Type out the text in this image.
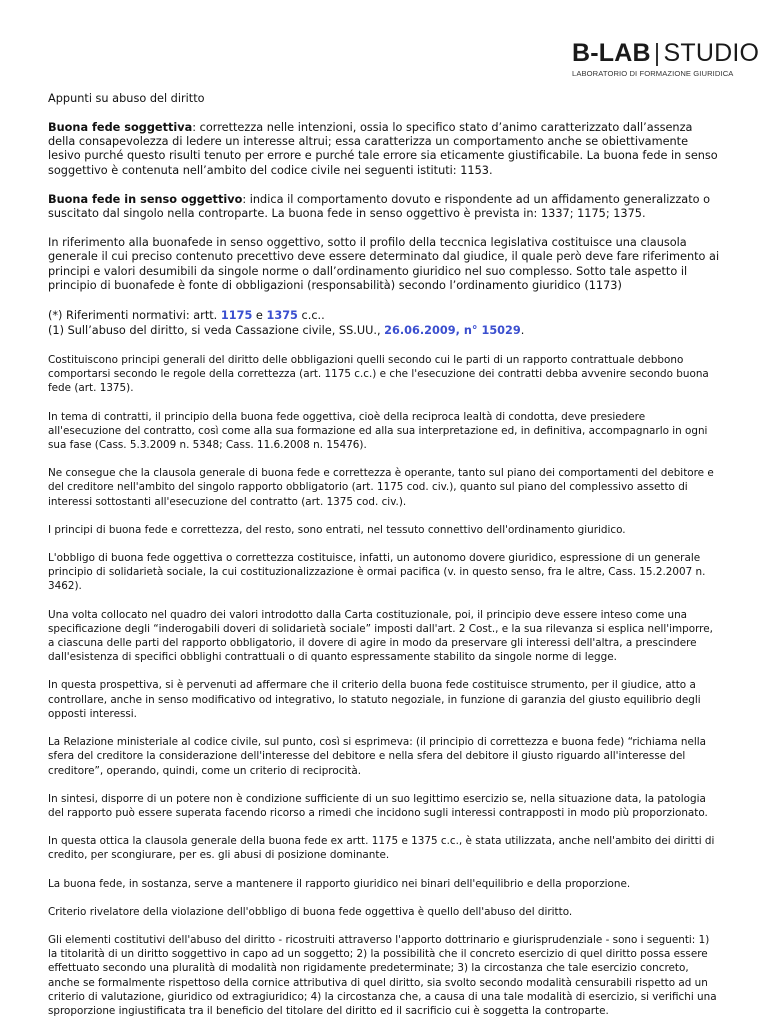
B-LAB | STUDIO
LABORATORIO DI FORMAZIONE GIURIDICA

Appunti su abuso del diritto

Buona fede soggettiva: correttezza nelle intenzioni, ossia lo specifico stato d’animo caratterizzato dall’assenza della consapevolezza di ledere un interesse altrui; essa caratterizza un comportamento anche se obiettivamente lesivo purché questo risulti tenuto per errore e purché tale errore sia eticamente giustificabile. La buona fede in senso soggettivo è contenuta nell’ambito del codice civile nei seguenti istituti: 1153.

Buona fede in senso oggettivo: indica il comportamento dovuto e rispondente ad un affidamento generalizzato o suscitato dal singolo nella controparte. La buona fede in senso oggettivo è prevista in: 1337; 1175; 1375.

In riferimento alla buonafede in senso oggettivo, sotto il profilo della teccnica legislativa costituisce una clausola generale il cui preciso contenuto precettivo deve essere determinato dal giudice, il quale però deve fare riferimento ai principi e valori desumibili da singole norme o dall’ordinamento giuridico nel suo complesso. Sotto tale aspetto il principio di buonafede è fonte di obbligazioni (responsabilità) secondo l’ordinamento giuridico (1173)

(*) Riferimenti normativi: artt. 1175 e 1375 c.c..
(1) Sull’abuso del diritto, si veda Cassazione civile, SS.UU., 26.06.2009, n° 15029.

Costituiscono principi generali del diritto delle obbligazioni quelli secondo cui le parti di un rapporto contrattuale debbono comportarsi secondo le regole della correttezza (art. 1175 c.c.) e che l'esecuzione dei contratti debba avvenire secondo buona fede (art. 1375).

In tema di contratti, il principio della buona fede oggettiva, cioè della reciproca lealtà di condotta, deve presiedere all'esecuzione del contratto, così come alla sua formazione ed alla sua interpretazione ed, in definitiva, accompagnarlo in ogni sua fase (Cass. 5.3.2009 n. 5348; Cass. 11.6.2008 n. 15476).

Ne consegue che la clausola generale di buona fede e correttezza è operante, tanto sul piano dei comportamenti del debitore e del creditore nell'ambito del singolo rapporto obbligatorio (art. 1175 cod. civ.), quanto sul piano del complessivo assetto di interessi sottostanti all'esecuzione del contratto (art. 1375 cod. civ.).

I principi di buona fede e correttezza, del resto, sono entrati, nel tessuto connettivo dell'ordinamento giuridico.

L'obbligo di buona fede oggettiva o correttezza costituisce, infatti, un autonomo dovere giuridico, espressione di un generale principio di solidarietà sociale, la cui costituzionalizzazione è ormai pacifica (v. in questo senso, fra le altre, Cass. 15.2.2007 n. 3462).

Una volta collocato nel quadro dei valori introdotto dalla Carta costituzionale, poi, il principio deve essere inteso come una specificazione degli “inderogabili doveri di solidarietà sociale” imposti dall'art. 2 Cost., e la sua rilevanza si esplica nell'imporre, a ciascuna delle parti del rapporto obbligatorio, il dovere di agire in modo da preservare gli interessi dell'altra, a prescindere dall'esistenza di specifici obblighi contrattuali o di quanto espressamente stabilito da singole norme di legge.

In questa prospettiva, si è pervenuti ad affermare che il criterio della buona fede costituisce strumento, per il giudice, atto a controllare, anche in senso modificativo od integrativo, lo statuto negoziale, in funzione di garanzia del giusto equilibrio degli opposti interessi.

La Relazione ministeriale al codice civile, sul punto, così si esprimeva: (il principio di correttezza e buona fede) “richiama nella sfera del creditore la considerazione dell'interesse del debitore e nella sfera del debitore il giusto riguardo all'interesse del creditore”, operando, quindi, come un criterio di reciprocità.

In sintesi, disporre di un potere non è condizione sufficiente di un suo legittimo esercizio se, nella situazione data, la patologia del rapporto può essere superata facendo ricorso a rimedi che incidono sugli interessi contrapposti in modo più proporzionato.

In questa ottica la clausola generale della buona fede ex artt. 1175 e 1375 c.c., è stata utilizzata, anche nell'ambito dei diritti di credito, per scongiurare, per es. gli abusi di posizione dominante.

La buona fede, in sostanza, serve a mantenere il rapporto giuridico nei binari dell'equilibrio e della proporzione.

Criterio rivelatore della violazione dell'obbligo di buona fede oggettiva è quello dell'abuso del diritto.

Gli elementi costitutivi dell'abuso del diritto - ricostruiti attraverso l'apporto dottrinario e giurisprudenziale - sono i seguenti: 1) la titolarità di un diritto soggettivo in capo ad un soggetto; 2) la possibilità che il concreto esercizio di quel diritto possa essere effettuato secondo una pluralità di modalità non rigidamente predeterminate; 3) la circostanza che tale esercizio concreto, anche se formalmente rispettoso della cornice attributiva di quel diritto, sia svolto secondo modalità censurabili rispetto ad un criterio di valutazione, giuridico od extragiuridico; 4) la circostanza che, a causa di una tale modalità di esercizio, si verifichi una sproporzione ingiustificata tra il beneficio del titolare del diritto ed il sacrificio cui è soggetta la controparte.
